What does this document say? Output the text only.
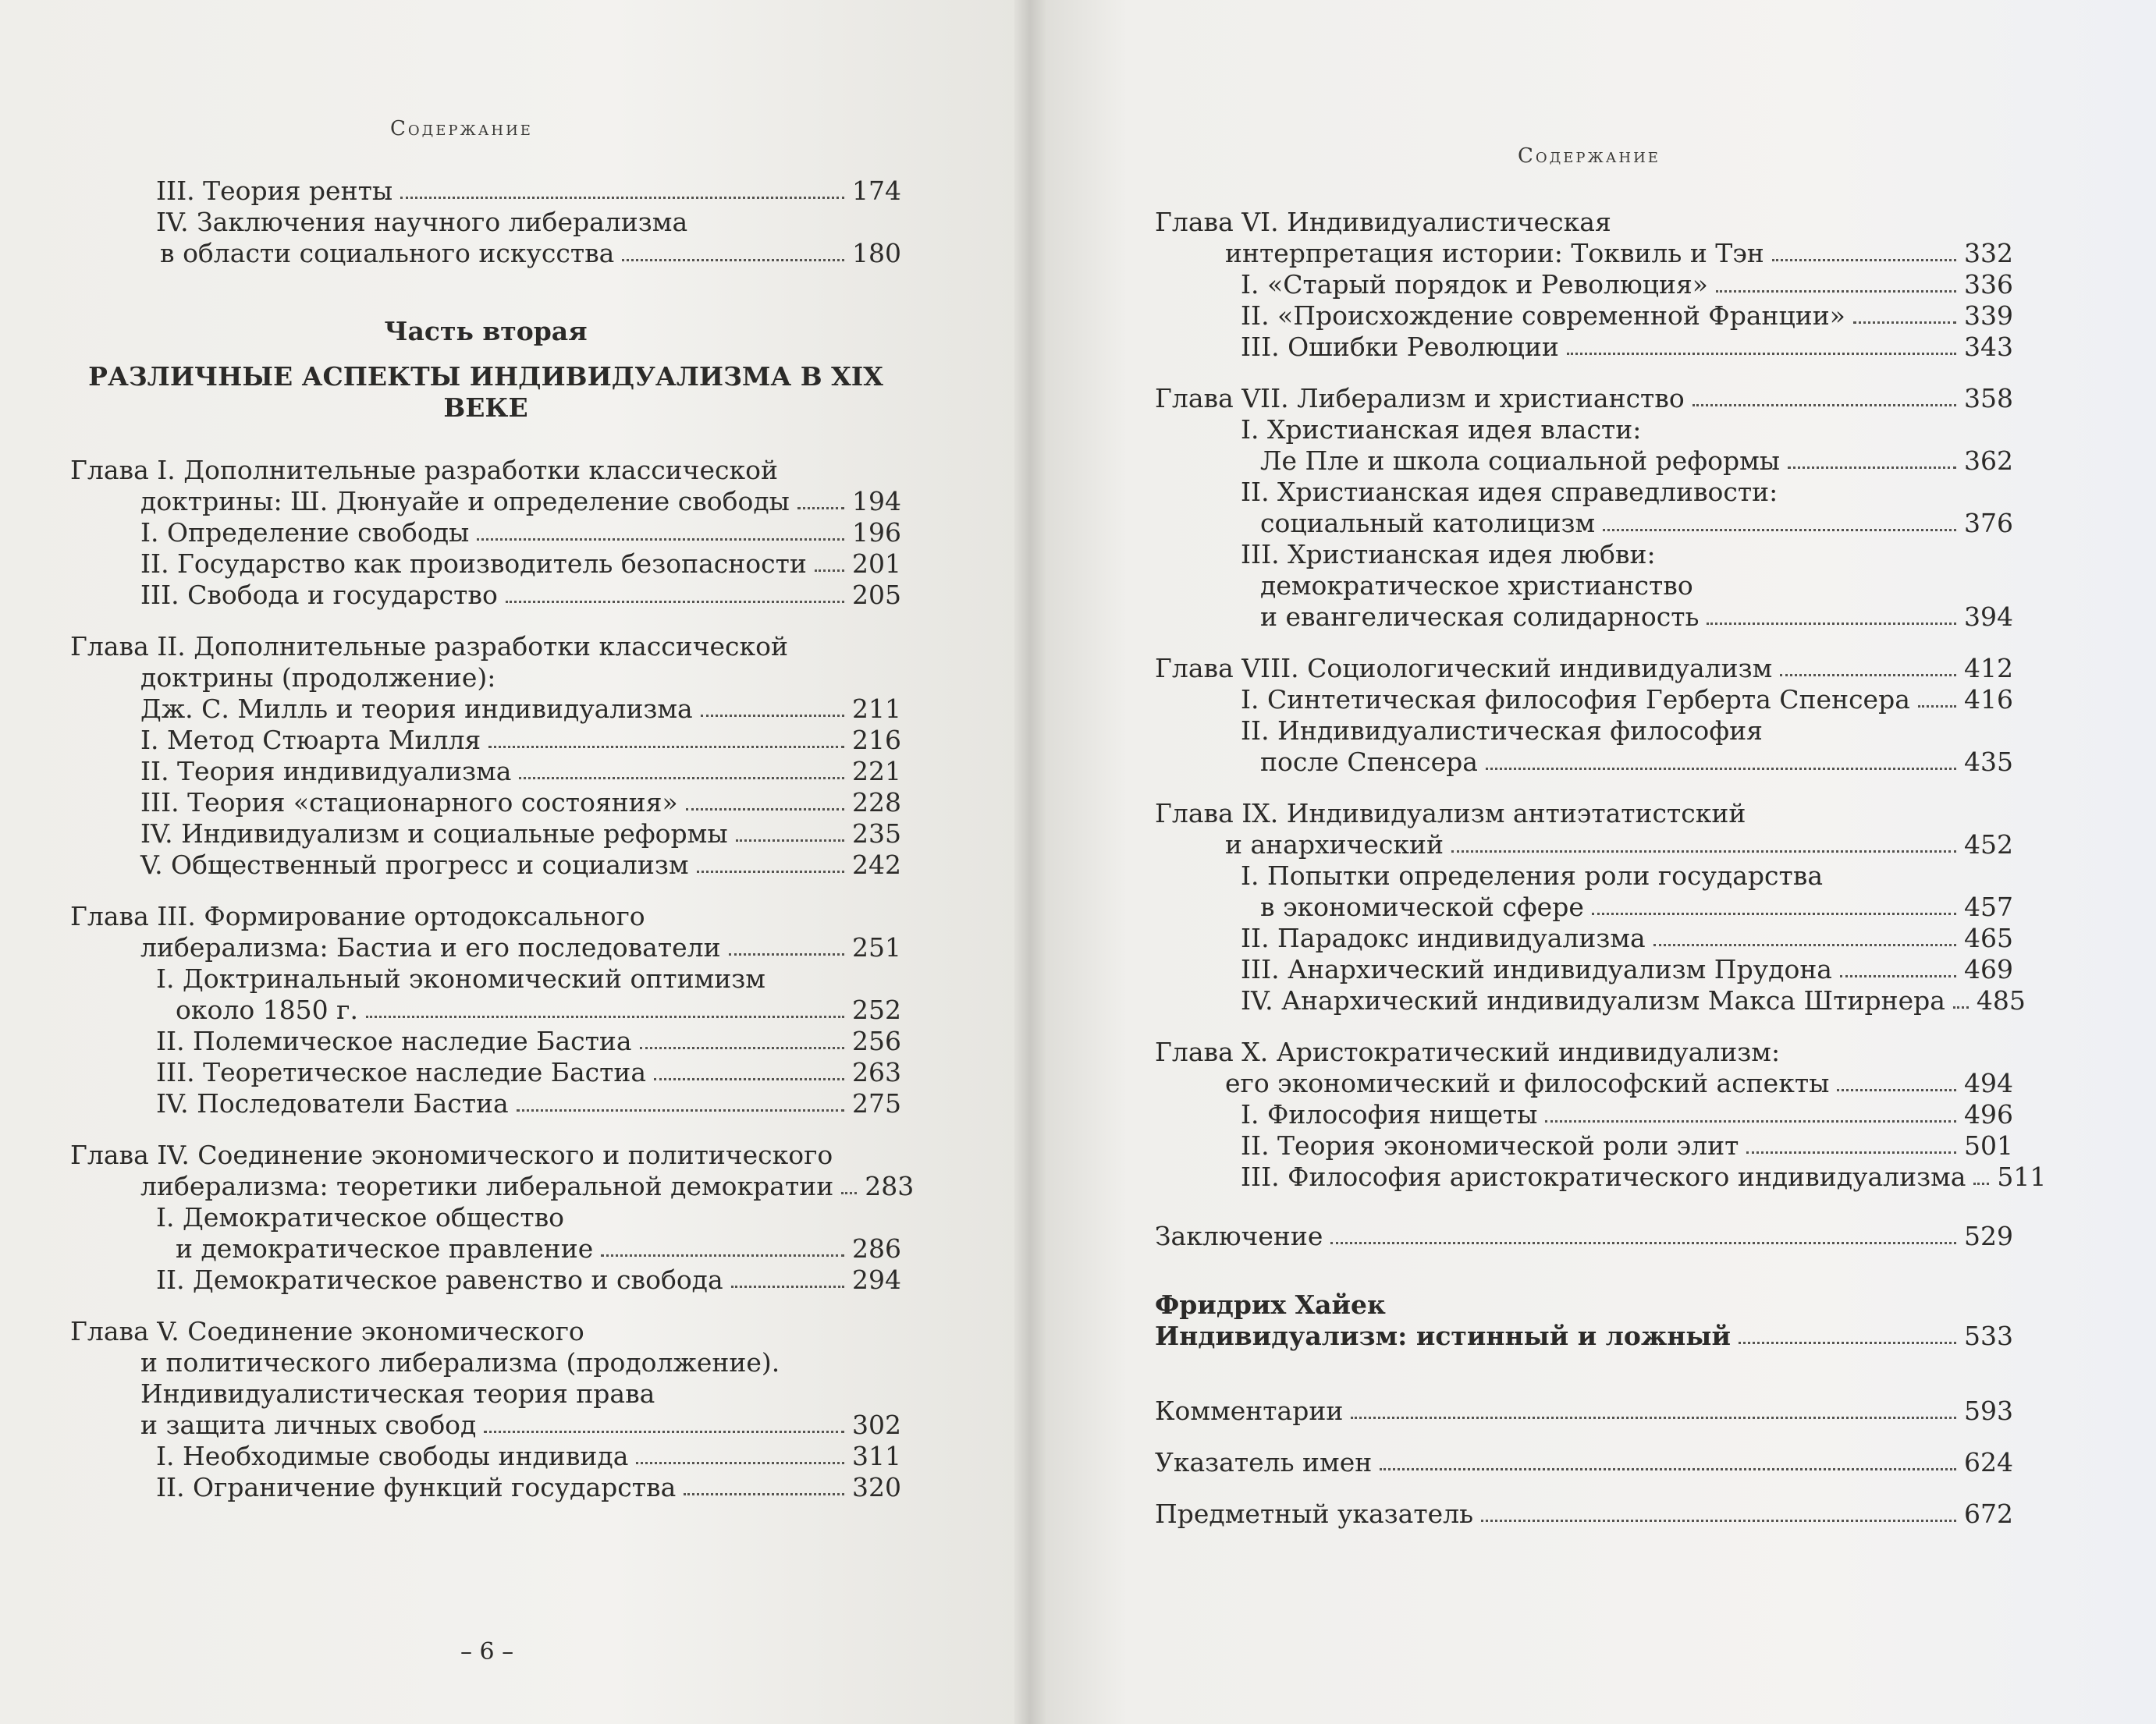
Содержание
III. Теория ренты	174
IV. Заключения научного либерализма
в области социального искусства	180
Часть вторая
РАЗЛИЧНЫЕ АСПЕКТЫ ИНДИВИДУАЛИЗМА В XIX ВЕКЕ
Глава I. Дополнительные разработки классической
доктрины: Ш. Дюнуайе и определение свободы 194
I. Определение свободы	196
II. Государство как производитель безопасности 201
III. Свобода и государство	205
Глава II. Дополнительные разработки классической
доктрины (продолжение):
Дж. С. Милль и теория индивидуализма	211
I. Метод Стюарта Милля	216
II. Теория индивидуализма	221
III. Теория «стационарного состояния»	228
IV. Индивидуализм и социальные реформы	235
V. Общественный прогресс и социализм	242
Глава III. Формирование ортодоксального
либерализма: Бастиа и его последователи	251
I. Доктринальный экономический оптимизм
около 1850 г.	252
II. Полемическое наследие Бастиа	256
III. Теоретическое наследие Бастиа	263
IV. Последователи Бастиа	275
Глава IV. Соединение экономического и политического
либерализма: теоретики либеральной демократии 283
I. Демократическое общество
и демократическое правление	286
II. Демократическое равенство и свобода	294
Глава V. Соединение экономического
и политического либерализма (продолжение).
Индивидуалистическая теория права
и защита личных свобод	302
I. Необходимые свободы индивида	311
II. Ограничение функций государства	320
– 6 –
Содержание
Глава VI. Индивидуалистическая
интерпретация истории: Токвиль и Тэн	332
I. «Старый порядок и Революция»	336
II. «Происхождение современной Франции»	339
III. Ошибки Революции	343
Глава VII. Либерализм и христианство	358
I. Христианская идея власти:
Ле Пле и школа социальной реформы	362
II. Христианская идея справедливости:
социальный католицизм	376
III. Христианская идея любви:
демократическое христианство
и евангелическая солидарность	394
Глава VIII. Социологический индивидуализм	412
I. Синтетическая философия Герберта Спенсера 416
II. Индивидуалистическая философия
после Спенсера	435
Глава IX. Индивидуализм антиэтатистский
и анархический	452
I. Попытки определения роли государства
в экономической сфере	457
II. Парадокс индивидуализма	465
III. Анархический индивидуализм Прудона	469
IV. Анархический индивидуализм Макса Штирнера 485
Глава X. Аристократический индивидуализм:
его экономический и философский аспекты	494
I. Философия нищеты	496
II. Теория экономической роли элит	501
III. Философия аристократического индивидуализма 511
Заключение	529
Фридрих Хайек
Индивидуализм: истинный и ложный	533
Комментарии	593
Указатель имен	624
Предметный указатель	672
